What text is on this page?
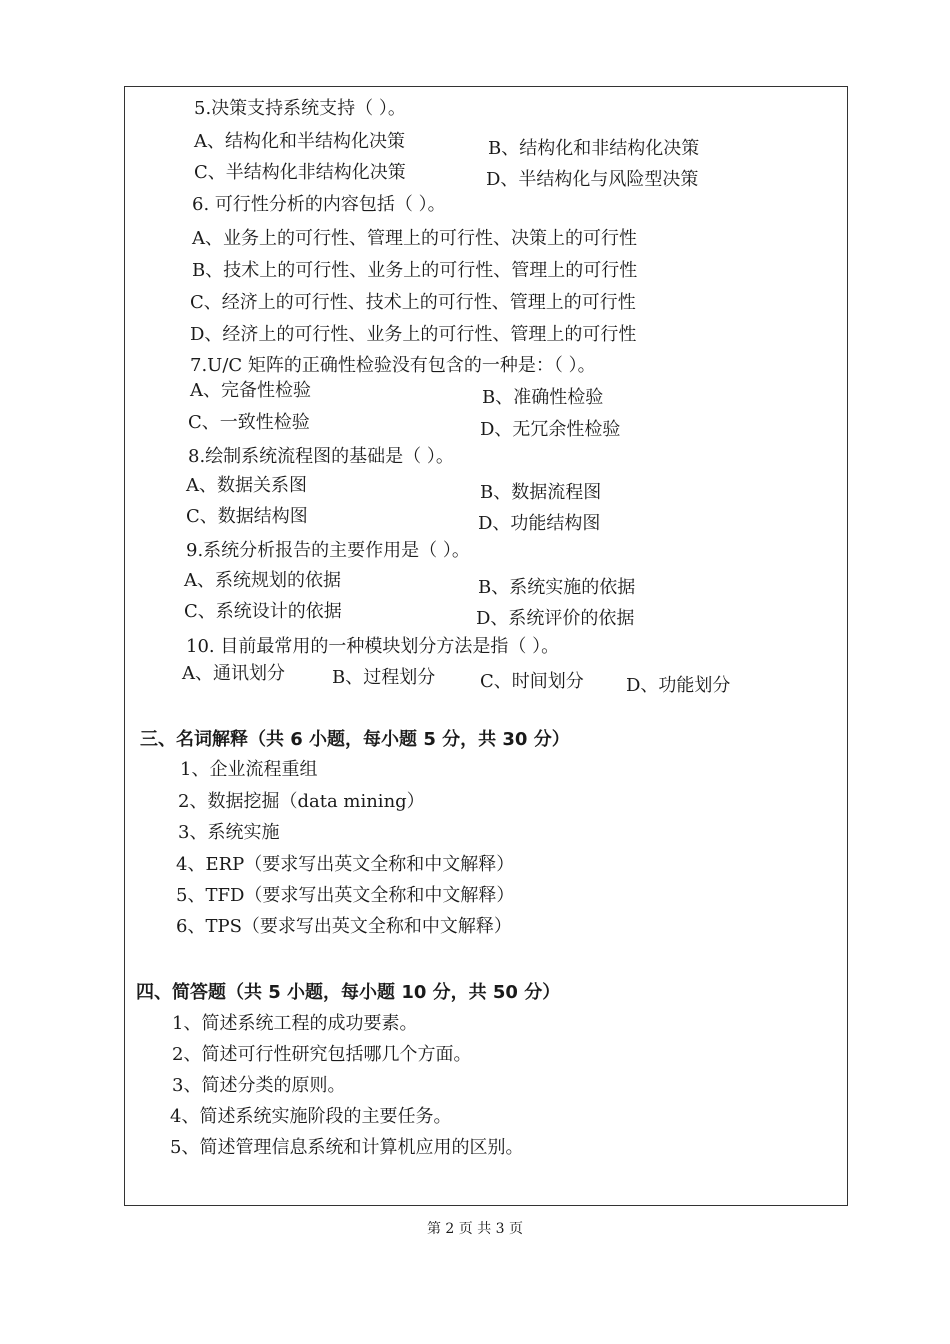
5.决策支持系统支持（ ）。
A、结构化和半结构化决策	B、结构化和非结构化决策
C、半结构化非结构化决策	D、半结构化与风险型决策
6. 可行性分析的内容包括（ ）。
A、业务上的可行性、管理上的可行性、决策上的可行性
B、技术上的可行性、业务上的可行性、管理上的可行性
C、经济上的可行性、技术上的可行性、管理上的可行性
D、经济上的可行性、业务上的可行性、管理上的可行性
7.U/C 矩阵的正确性检验没有包含的一种是：（ ）。
A、完备性检验	B、准确性检验
C、一致性检验	D、无冗余性检验
8.绘制系统流程图的基础是（ ）。
A、数据关系图	B、数据流程图
C、数据结构图	D、功能结构图
9.系统分析报告的主要作用是（ ）。
A、系统规划的依据	B、系统实施的依据
C、系统设计的依据	D、系统评价的依据
10. 目前最常用的一种模块划分方法是指（ ）。
A、通讯划分	B、过程划分 C、时间划分 D、功能划分
三、名词解释（共 6 小题，每小题 5 分，共 30 分）
1、企业流程重组
2、数据挖掘（data mining）
3、系统实施
4、ERP（要求写出英文全称和中文解释）
5、TFD（要求写出英文全称和中文解释）
6、TPS（要求写出英文全称和中文解释）
四、简答题（共 5 小题，每小题 10 分，共 50 分）
1、简述系统工程的成功要素。
2、简述可行性研究包括哪几个方面。
3、简述分类的原则。
4、简述系统实施阶段的主要任务。
5、简述管理信息系统和计算机应用的区别。
第 2 页 共 3 页
